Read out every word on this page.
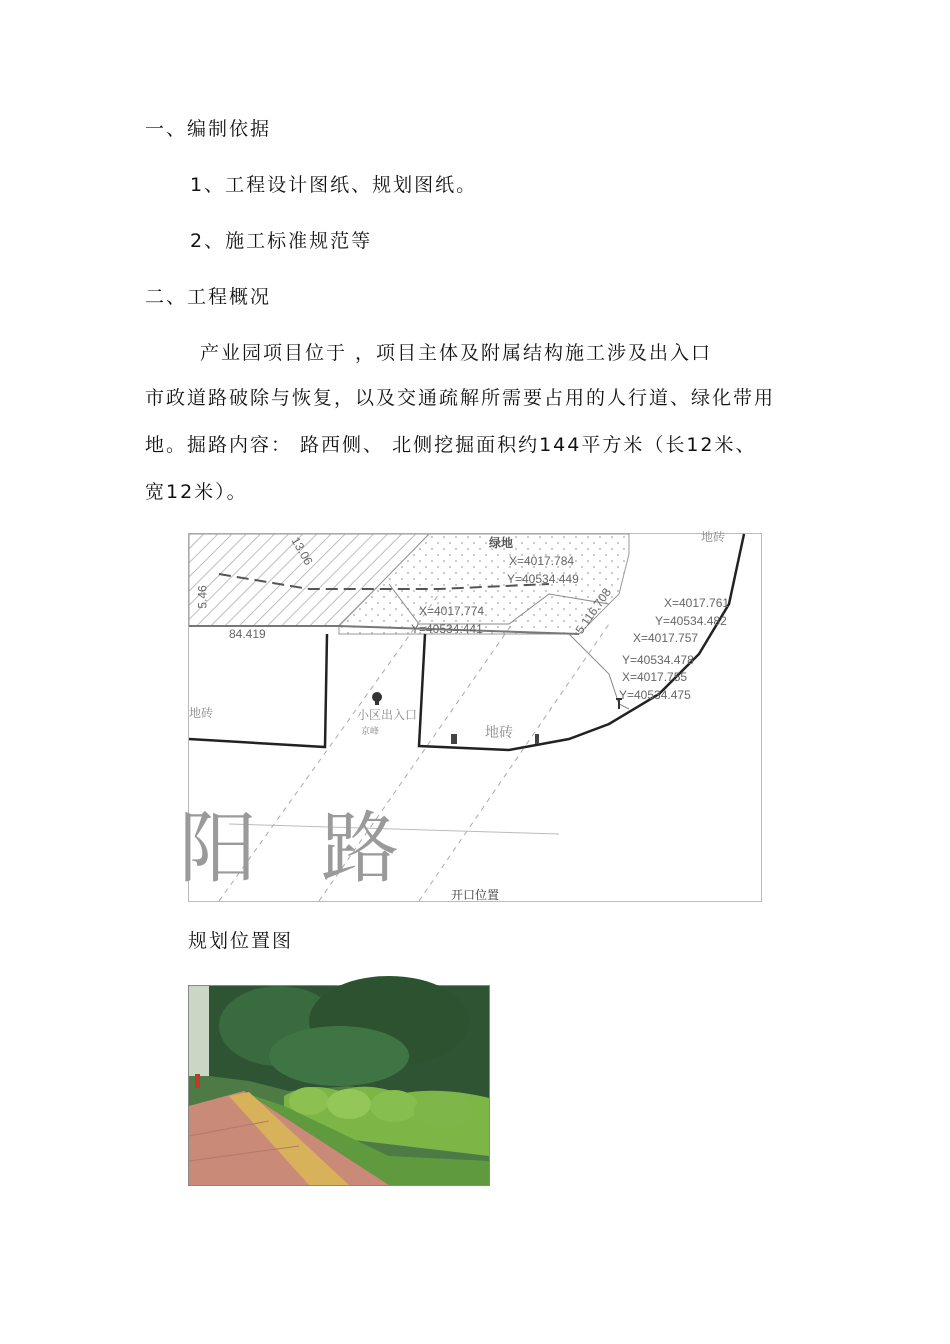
一、编制依据
1、工程设计图纸、规划图纸。
2、施工标准规范等
二、工程概况
产业园项目位于 ，项目主体及附属结构施工涉及出入口
市政道路破除与恢复，以及交通疏解所需要占用的人行道、绿化带用
地。掘路内容： 路西侧、 北侧挖掘面积约144平方米（长12米、
宽12米）。
X=4017.784
Y=40534.449
X=4017.774
Y=40534.441
X=4017.761
Y=40534.482
X=4017.757
Y=40534.478
X=4017.755
Y=40534.475
84.419
5.46
13.06
5.116.708
绿地	地砖
地砖
地砖
小区出入口
京峰
阳 路
开口位置
规划位置图
